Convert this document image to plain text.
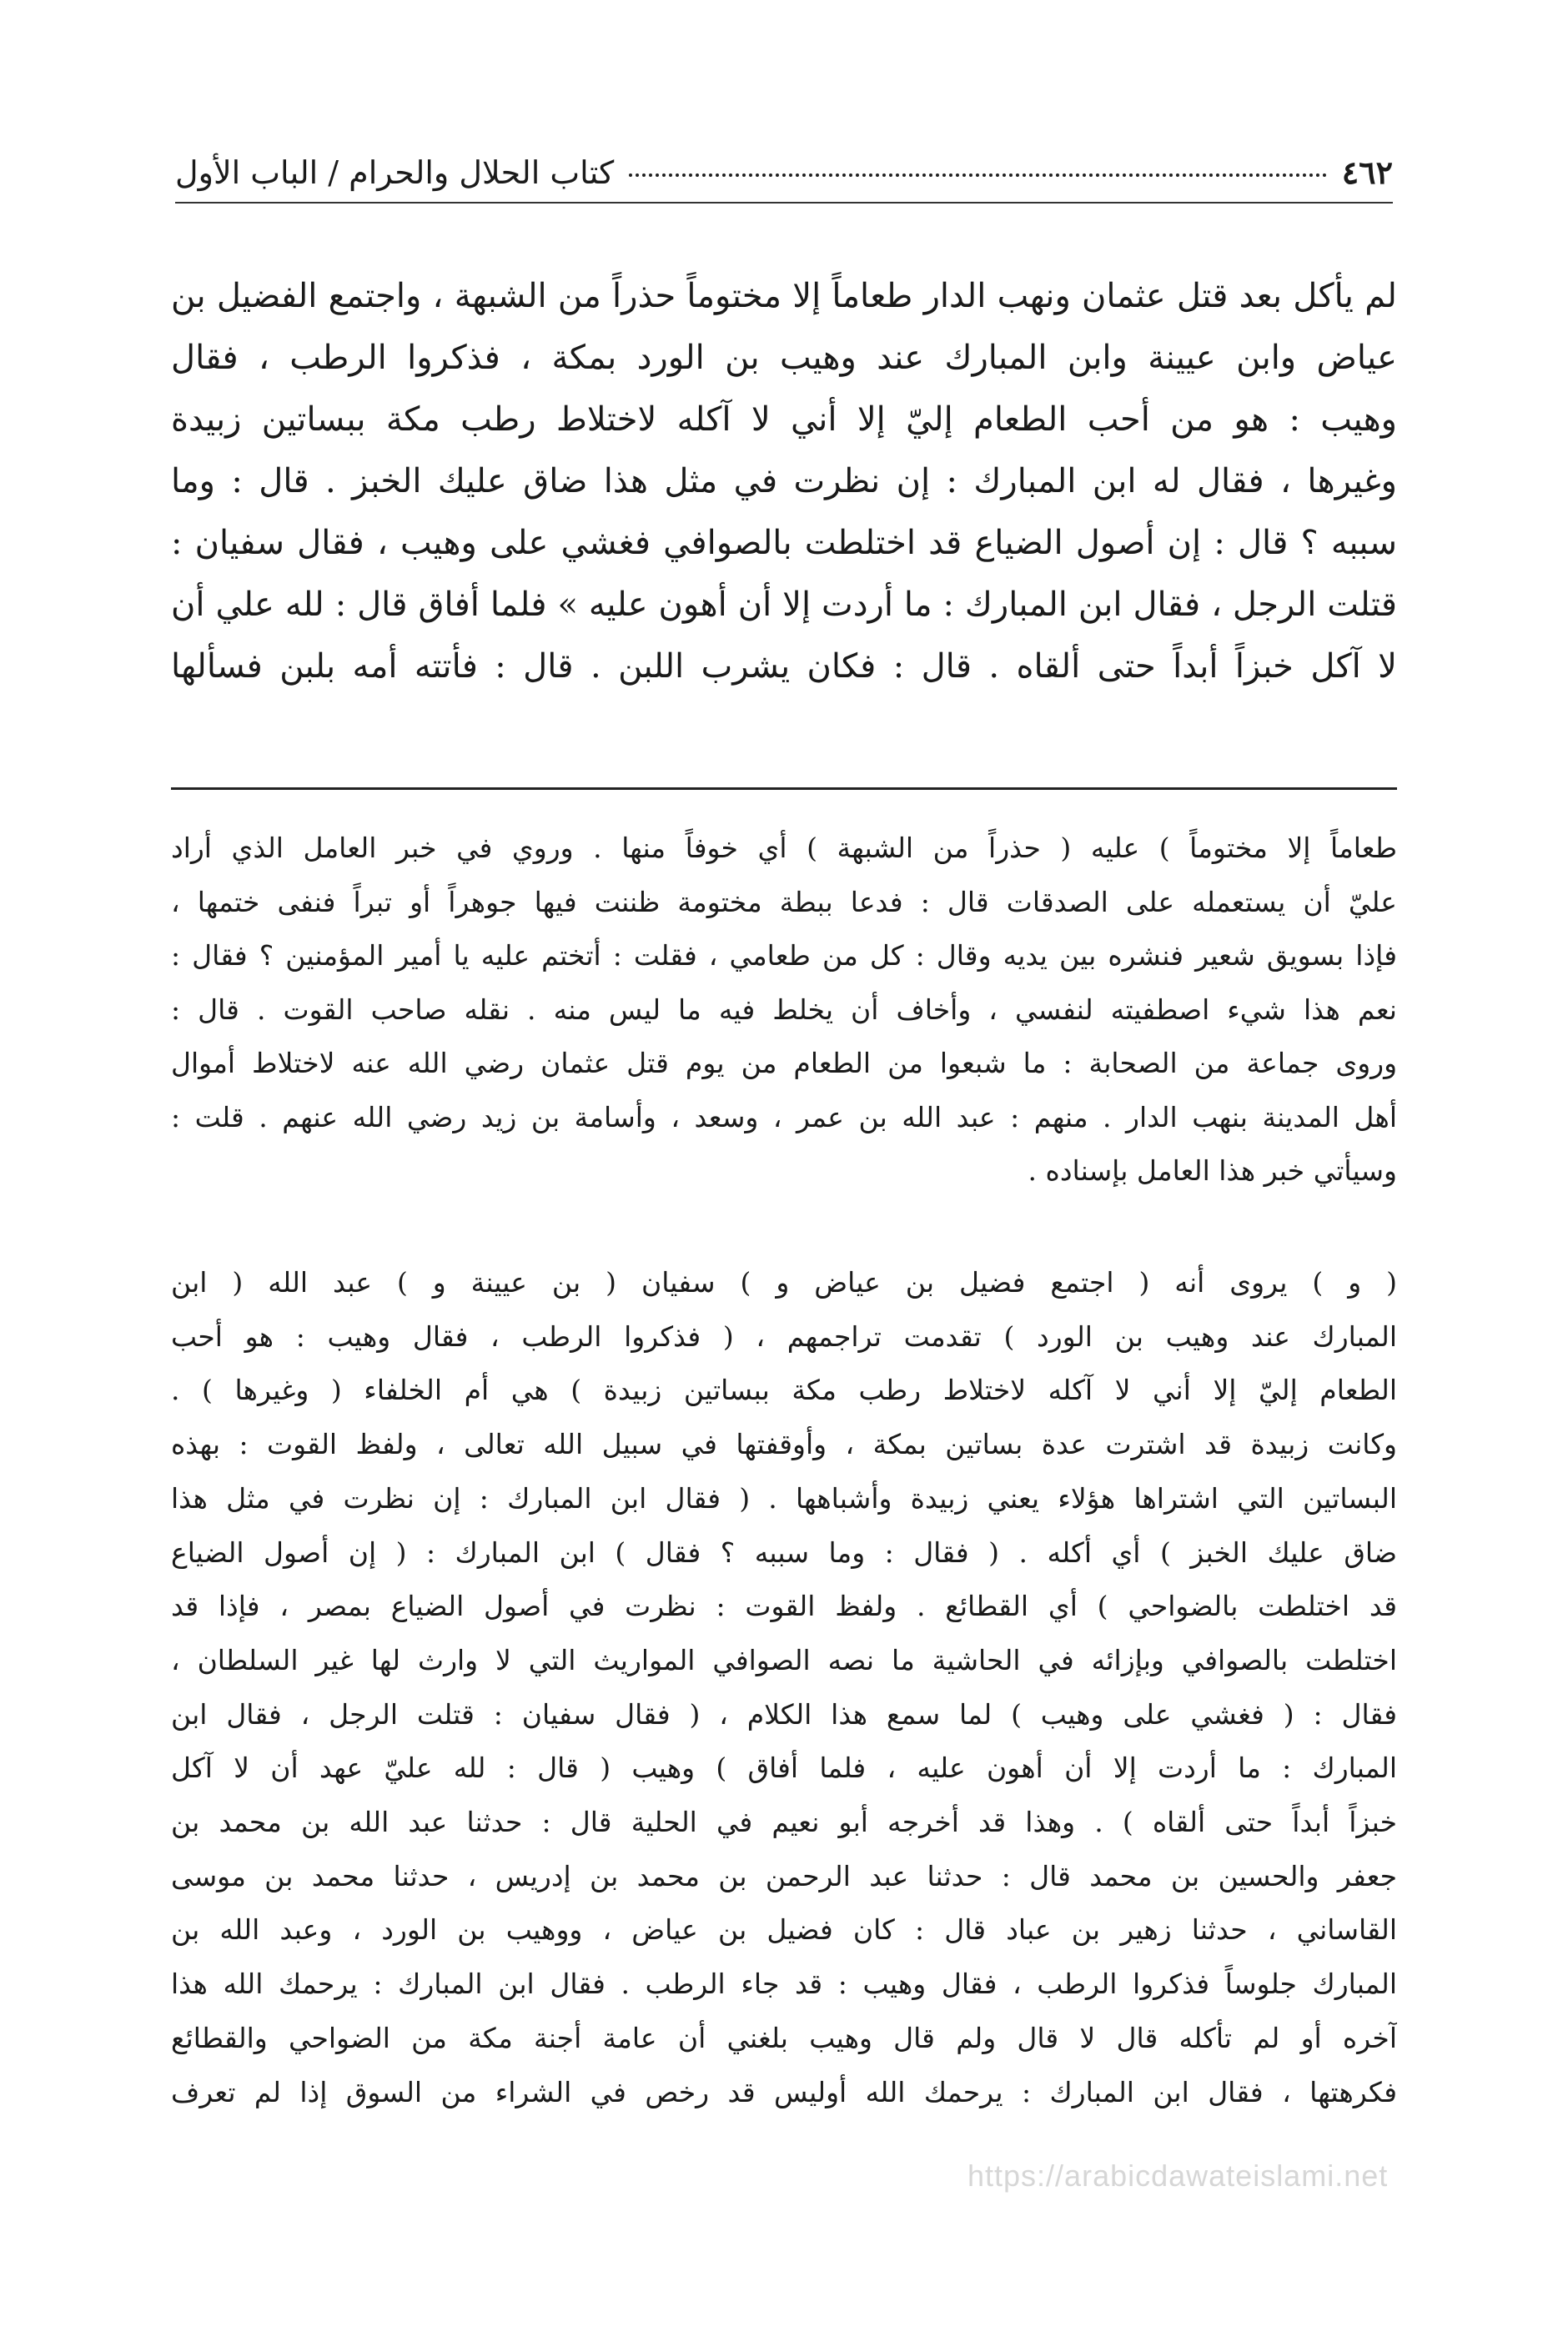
٤٦٢
كتاب الحلال والحرام / الباب الأول
لم يأكل بعد قتل عثمان ونهب الدار طعاماً إلا مختوماً حذراً من الشبهة ، واجتمع الفضيل بن
عياض وابن عيينة وابن المبارك عند وهيب بن الورد بمكة ، فذكروا الرطب ، فقال
وهيب : هو من أحب الطعام إليّ إلا أني لا آكله لاختلاط رطب مكة ببساتين زبيدة
وغيرها ، فقال له ابن المبارك : إن نظرت في مثل هذا ضاق عليك الخبز . قال : وما
سببه ؟ قال : إن أصول الضياع قد اختلطت بالصوافي فغشي على وهيب ، فقال سفيان :
قتلت الرجل ، فقال ابن المبارك : ما أردت إلا أن أهون عليه » فلما أفاق قال : لله علي أن
لا آكل خبزاً أبداً حتى ألقاه . قال : فكان يشرب اللبن . قال : فأتته أمه بلبن فسألها
طعاماً إلا مختوماً ) عليه ( حذراً من الشبهة ) أي خوفاً منها . وروي في خبر العامل الذي أراد
عليّ أن يستعمله على الصدقات قال : فدعا ببطة مختومة ظننت فيها جوهراً أو تبراً فنفى ختمها ،
فإذا بسويق شعير فنشره بين يديه وقال : كل من طعامي ، فقلت : أتختم عليه يا أمير المؤمنين ؟ فقال :
نعم هذا شيء اصطفيته لنفسي ، وأخاف أن يخلط فيه ما ليس منه . نقله صاحب القوت . قال :
وروى جماعة من الصحابة : ما شبعوا من الطعام من يوم قتل عثمان رضي الله عنه لاختلاط أموال
أهل المدينة بنهب الدار . منهم : عبد الله بن عمر ، وسعد ، وأسامة بن زيد رضي الله عنهم . قلت :
وسيأتي خبر هذا العامل بإسناده .
( و ) يروى أنه ( اجتمع فضيل بن عياض و ) سفيان ( بن عيينة و ) عبد الله ( ابن
المبارك عند وهيب بن الورد ) تقدمت تراجمهم ، ( فذكروا الرطب ، فقال وهيب : هو أحب
الطعام إليّ إلا أني لا آكله لاختلاط رطب مكة ببساتين زبيدة ) هي أم الخلفاء ( وغيرها ) .
وكانت زبيدة قد اشترت عدة بساتين بمكة ، وأوقفتها في سبيل الله تعالى ، ولفظ القوت : بهذه
البساتين التي اشتراها هؤلاء يعني زبيدة وأشباهها . ( فقال ابن المبارك : إن نظرت في مثل هذا
ضاق عليك الخبز ) أي أكله . ( فقال : وما سببه ؟ فقال ) ابن المبارك : ( إن أصول الضياع
قد اختلطت بالضواحي ) أي القطائع . ولفظ القوت : نظرت في أصول الضياع بمصر ، فإذا قد
اختلطت بالصوافي وبإزائه في الحاشية ما نصه الصوافي المواريث التي لا وارث لها غير السلطان ،
فقال : ( فغشي على وهيب ) لما سمع هذا الكلام ، ( فقال سفيان : قتلت الرجل ، فقال ابن
المبارك : ما أردت إلا أن أهون عليه ، فلما أفاق ) وهيب ( قال : لله عليّ عهد أن لا آكل
خبزاً أبداً حتى ألقاه ) . وهذا قد أخرجه أبو نعيم في الحلية قال : حدثنا عبد الله بن محمد بن
جعفر والحسين بن محمد قال : حدثنا عبد الرحمن بن محمد بن إدريس ، حدثنا محمد بن موسى
القاساني ، حدثنا زهير بن عباد قال : كان فضيل بن عياض ، ووهيب بن الورد ، وعبد الله بن
المبارك جلوساً فذكروا الرطب ، فقال وهيب : قد جاء الرطب . فقال ابن المبارك : يرحمك الله هذا
آخره أو لم تأكله قال لا قال ولم قال وهيب بلغني أن عامة أجنة مكة من الضواحي والقطائع
فكرهتها ، فقال ابن المبارك : يرحمك الله أوليس قد رخص في الشراء من السوق إذا لم تعرف
https://arabicdawateislami.net
